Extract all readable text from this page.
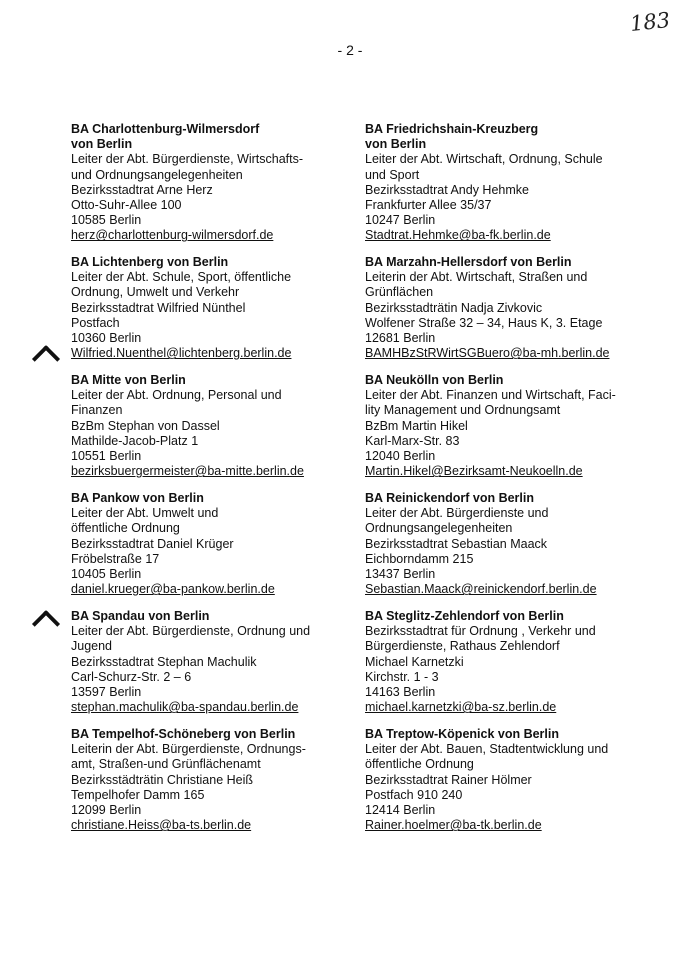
183
- 2 -
BA Charlottenburg-Wilmersdorf
von Berlin
Leiter der Abt. Bürgerdienste, Wirtschafts-
und Ordnungsangelegenheiten
Bezirksstadtrat Arne Herz
Otto-Suhr-Allee 100
10585 Berlin
herz@charlottenburg-wilmersdorf.de
BA Lichtenberg von Berlin
Leiter der Abt. Schule, Sport, öffentliche
Ordnung, Umwelt und Verkehr
Bezirksstadtrat Wilfried Nünthel
Postfach
10360 Berlin
Wilfried.Nuenthel@lichtenberg.berlin.de
BA Mitte von Berlin
Leiter der Abt. Ordnung, Personal und
Finanzen
BzBm Stephan von Dassel
Mathilde-Jacob-Platz 1
10551 Berlin
bezirksbuergermeister@ba-mitte.berlin.de
BA Pankow von Berlin
Leiter der Abt. Umwelt und
öffentliche Ordnung
Bezirksstadtrat Daniel Krüger
Fröbelstraße 17
10405 Berlin
daniel.krueger@ba-pankow.berlin.de
BA Spandau von Berlin
Leiter der Abt. Bürgerdienste, Ordnung und
Jugend
Bezirksstadtrat Stephan Machulik
Carl-Schurz-Str. 2 – 6
13597 Berlin
stephan.machulik@ba-spandau.berlin.de
BA Tempelhof-Schöneberg von Berlin
Leiterin der Abt. Bürgerdienste, Ordnungs-
amt, Straßen-und Grünflächenamt
Bezirksstädträtin Christiane Heiß
Tempelhofer Damm 165
12099 Berlin
christiane.Heiss@ba-ts.berlin.de
BA Friedrichshain-Kreuzberg
von Berlin
Leiter der Abt. Wirtschaft, Ordnung, Schule
und Sport
Bezirksstadtrat Andy Hehmke
Frankfurter Allee 35/37
10247 Berlin
Stadtrat.Hehmke@ba-fk.berlin.de
BA Marzahn-Hellersdorf von Berlin
Leiterin der Abt. Wirtschaft, Straßen und
Grünflächen
Bezirksstadträtin Nadja Zivkovic
Wolfener Straße 32 – 34, Haus K, 3. Etage
12681 Berlin
BAMHBzStRWirtSGBuero@ba-mh.berlin.de
BA Neukölln von Berlin
Leiter der Abt. Finanzen und Wirtschaft, Faci-
lity Management und Ordnungsamt
BzBm Martin Hikel
Karl-Marx-Str. 83
12040 Berlin
Martin.Hikel@Bezirksamt-Neukoelln.de
BA Reinickendorf von Berlin
Leiter der Abt. Bürgerdienste und
Ordnungsangelegenheiten
Bezirksstadtrat Sebastian Maack
Eichborndamm 215
13437 Berlin
Sebastian.Maack@reinickendorf.berlin.de
BA Steglitz-Zehlendorf von Berlin
Bezirksstadtrat für Ordnung , Verkehr und
Bürgerdienste, Rathaus Zehlendorf
Michael Karnetzki
Kirchstr. 1 - 3
14163 Berlin
michael.karnetzki@ba-sz.berlin.de
BA Treptow-Köpenick von Berlin
Leiter der Abt. Bauen, Stadtentwicklung und
öffentliche Ordnung
Bezirksstadtrat Rainer Hölmer
Postfach 910 240
12414 Berlin
Rainer.hoelmer@ba-tk.berlin.de
